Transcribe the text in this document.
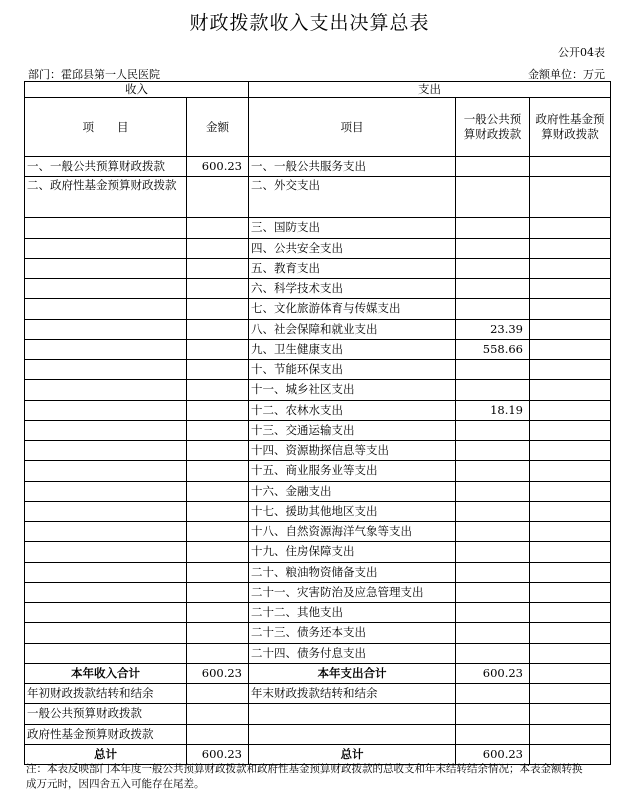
财政拨款收入支出决算总表
公开04表
部门：霍邱县第一人民医院	金额单位：万元
收入		支出		
项　　目	金额	项目	一般公共预算财政拨款	政府性基金预算财政拨款
一、一般公共预算财政拨款	600.23	一、一般公共服务支出		
二、政府性基金预算财政拨款		二、外交支出		
		三、国防支出		
		四、公共安全支出		
		五、教育支出		
		六、科学技术支出		
		七、文化旅游体育与传媒支出		
		八、社会保障和就业支出	23.39	
		九、卫生健康支出	558.66	
		十、节能环保支出		
		十一、城乡社区支出		
		十二、农林水支出	18.19	
		十三、交通运输支出		
		十四、资源勘探信息等支出		
		十五、商业服务业等支出		
		十六、金融支出		
		十七、援助其他地区支出		
		十八、自然资源海洋气象等支出		
		十九、住房保障支出		
		二十、粮油物资储备支出		
		二十一、灾害防治及应急管理支出		
		二十二、其他支出		
		二十三、债务还本支出		
		二十四、债务付息支出		
本年收入合计	600.23	本年支出合计	600.23	
年初财政拨款结转和结余		年末财政拨款结转和结余		
一般公共预算财政拨款				
政府性基金预算财政拨款				
总计	600.23	总计	600.23	
注：本表反映部门本年度一般公共预算财政拨款和政府性基金预算财政拨款的总收支和年末结转结余情况；本表金额转换成万元时，因四舍五入可能存在尾差。
